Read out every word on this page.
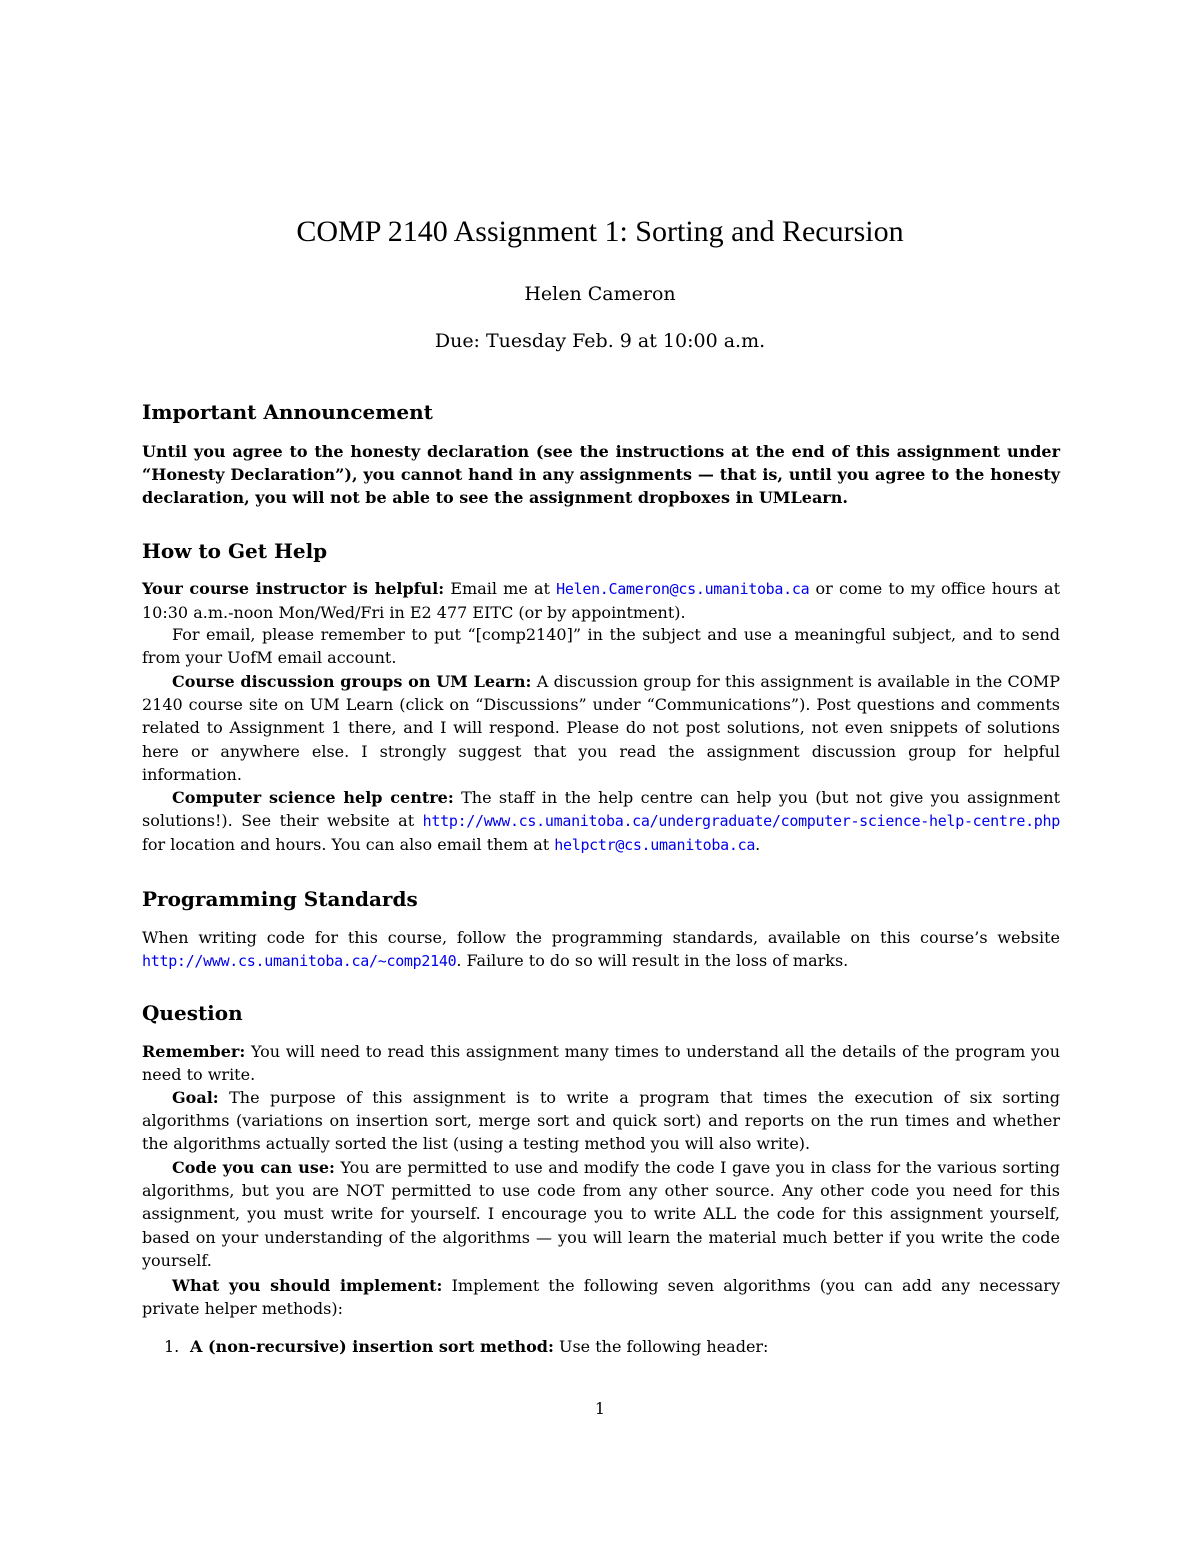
COMP 2140 Assignment 1: Sorting and Recursion
Helen Cameron
Due: Tuesday Feb. 9 at 10:00 a.m.
Important Announcement
Until you agree to the honesty declaration (see the instructions at the end of this assignment under “Honesty Declaration”), you cannot hand in any assignments — that is, until you agree to the honesty declaration, you will not be able to see the assignment dropboxes in UMLearn.
How to Get Help
Your course instructor is helpful: Email me at Helen.Cameron@cs.umanitoba.ca or come to my office hours at 10:30 a.m.-noon Mon/Wed/Fri in E2 477 EITC (or by appointment).
For email, please remember to put “[comp2140]” in the subject and use a meaningful subject, and to send from your UofM email account.
Course discussion groups on UM Learn: A discussion group for this assignment is available in the COMP 2140 course site on UM Learn (click on “Discussions” under “Communications”). Post questions and comments related to Assignment 1 there, and I will respond. Please do not post solutions, not even snippets of solutions here or anywhere else. I strongly suggest that you read the assignment discussion group for helpful information.
Computer science help centre: The staff in the help centre can help you (but not give you assignment solutions!). See their website at http://www.cs.umanitoba.ca/undergraduate/computer-science-help-centre.php for location and hours. You can also email them at helpctr@cs.umanitoba.ca.
Programming Standards
When writing code for this course, follow the programming standards, available on this course’s website http://www.cs.umanitoba.ca/~comp2140. Failure to do so will result in the loss of marks.
Question
Remember: You will need to read this assignment many times to understand all the details of the program you need to write.
Goal: The purpose of this assignment is to write a program that times the execution of six sorting algorithms (variations on insertion sort, merge sort and quick sort) and reports on the run times and whether the algorithms actually sorted the list (using a testing method you will also write).
Code you can use: You are permitted to use and modify the code I gave you in class for the various sorting algorithms, but you are NOT permitted to use code from any other source. Any other code you need for this assignment, you must write for yourself. I encourage you to write ALL the code for this assignment yourself, based on your understanding of the algorithms — you will learn the material much better if you write the code yourself.
What you should implement: Implement the following seven algorithms (you can add any necessary private helper methods):
1. A (non-recursive) insertion sort method: Use the following header:
1
